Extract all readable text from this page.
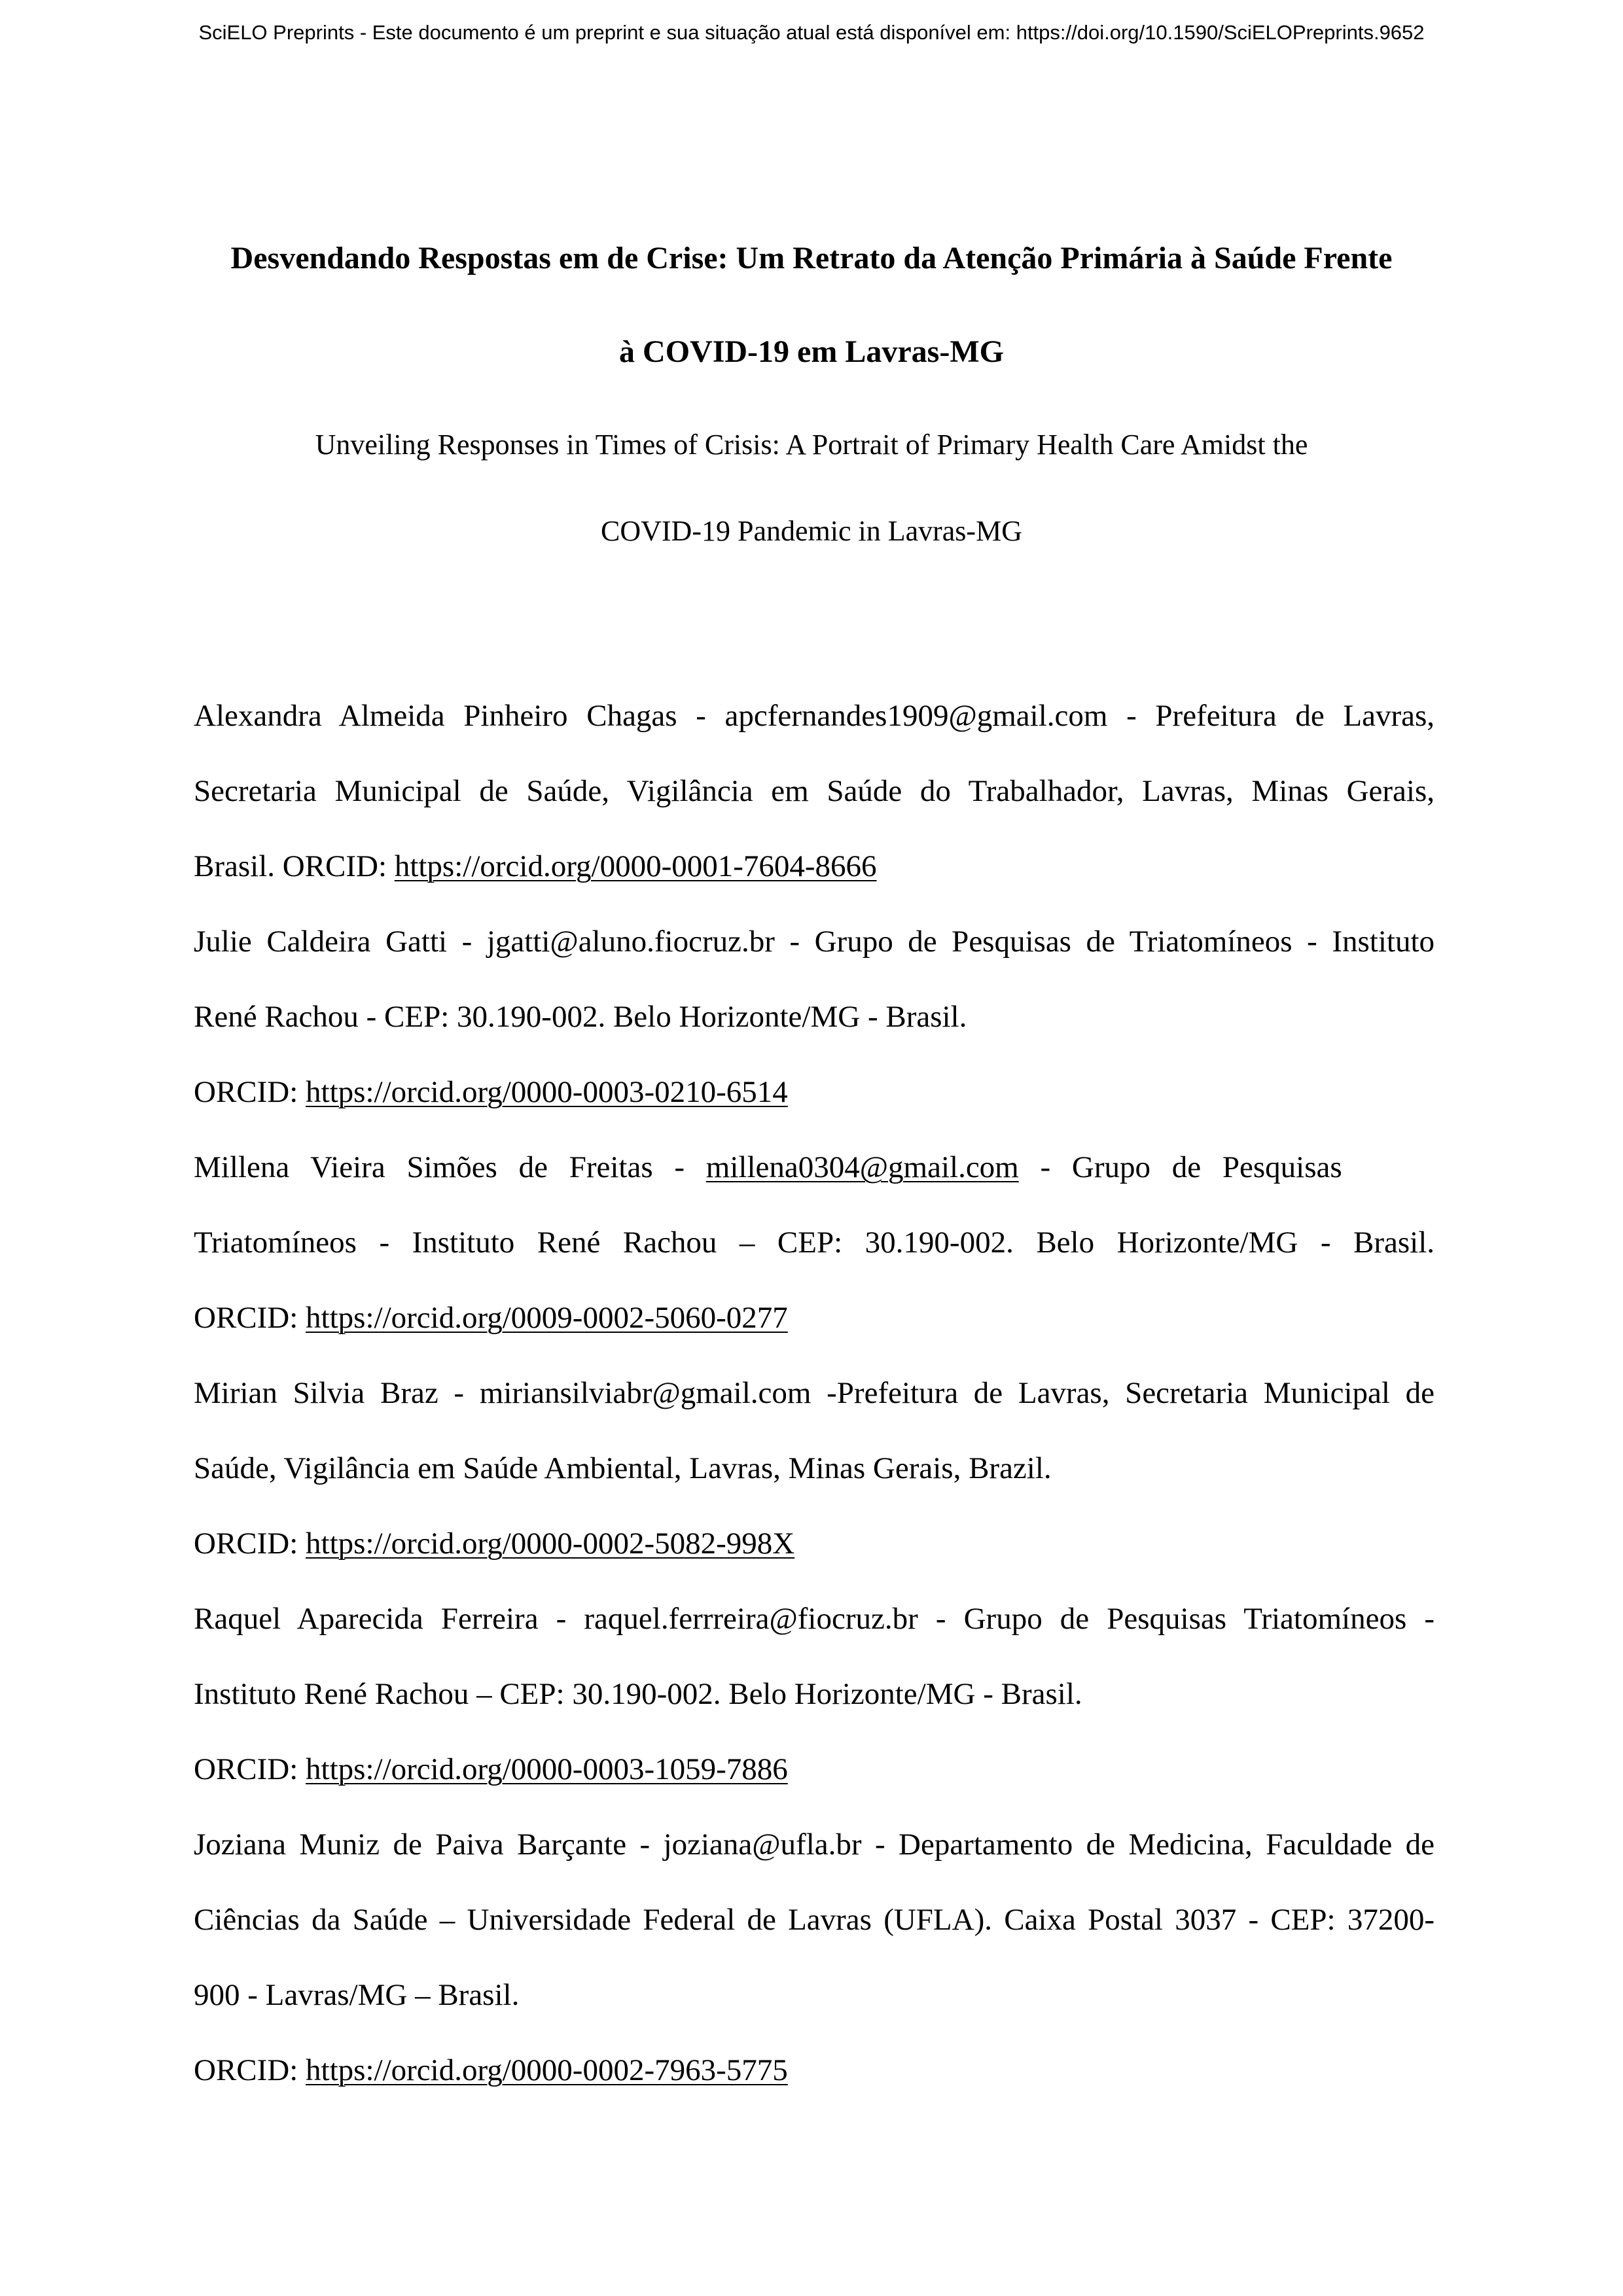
SciELO Preprints - Este documento é um preprint e sua situação atual está disponível em: https://doi.org/10.1590/SciELOPreprints.9652
Desvendando Respostas em de Crise: Um Retrato da Atenção Primária à Saúde Frente
à COVID-19 em Lavras-MG
Unveiling Responses in Times of Crisis: A Portrait of Primary Health Care Amidst the
COVID-19 Pandemic in Lavras-MG
Alexandra Almeida Pinheiro Chagas - apcfernandes1909@gmail.com - Prefeitura de Lavras,
Secretaria Municipal de Saúde, Vigilância em Saúde do Trabalhador, Lavras, Minas Gerais,
Brasil. ORCID: https://orcid.org/0000-0001-7604-8666
Julie Caldeira Gatti - jgatti@aluno.fiocruz.br - Grupo de Pesquisas de Triatomíneos - Instituto
René Rachou - CEP: 30.190-002. Belo Horizonte/MG - Brasil.
ORCID: https://orcid.org/0000-0003-0210-6514
Millena Vieira Simões de Freitas - millena0304@gmail.com - Grupo de Pesquisas
Triatomíneos - Instituto René Rachou – CEP: 30.190-002. Belo Horizonte/MG - Brasil.
ORCID: https://orcid.org/0009-0002-5060-0277
Mirian Silvia Braz - miriansilviabr@gmail.com -Prefeitura de Lavras, Secretaria Municipal de
Saúde, Vigilância em Saúde Ambiental, Lavras, Minas Gerais, Brazil.
ORCID: https://orcid.org/0000-0002-5082-998X
Raquel Aparecida Ferreira - raquel.ferrreira@fiocruz.br - Grupo de Pesquisas Triatomíneos -
Instituto René Rachou – CEP: 30.190-002. Belo Horizonte/MG - Brasil.
ORCID: https://orcid.org/0000-0003-1059-7886
Joziana Muniz de Paiva Barçante - joziana@ufla.br - Departamento de Medicina, Faculdade de
Ciências da Saúde – Universidade Federal de Lavras (UFLA). Caixa Postal 3037 - CEP: 37200-
900 - Lavras/MG – Brasil.
ORCID: https://orcid.org/0000-0002-7963-5775
